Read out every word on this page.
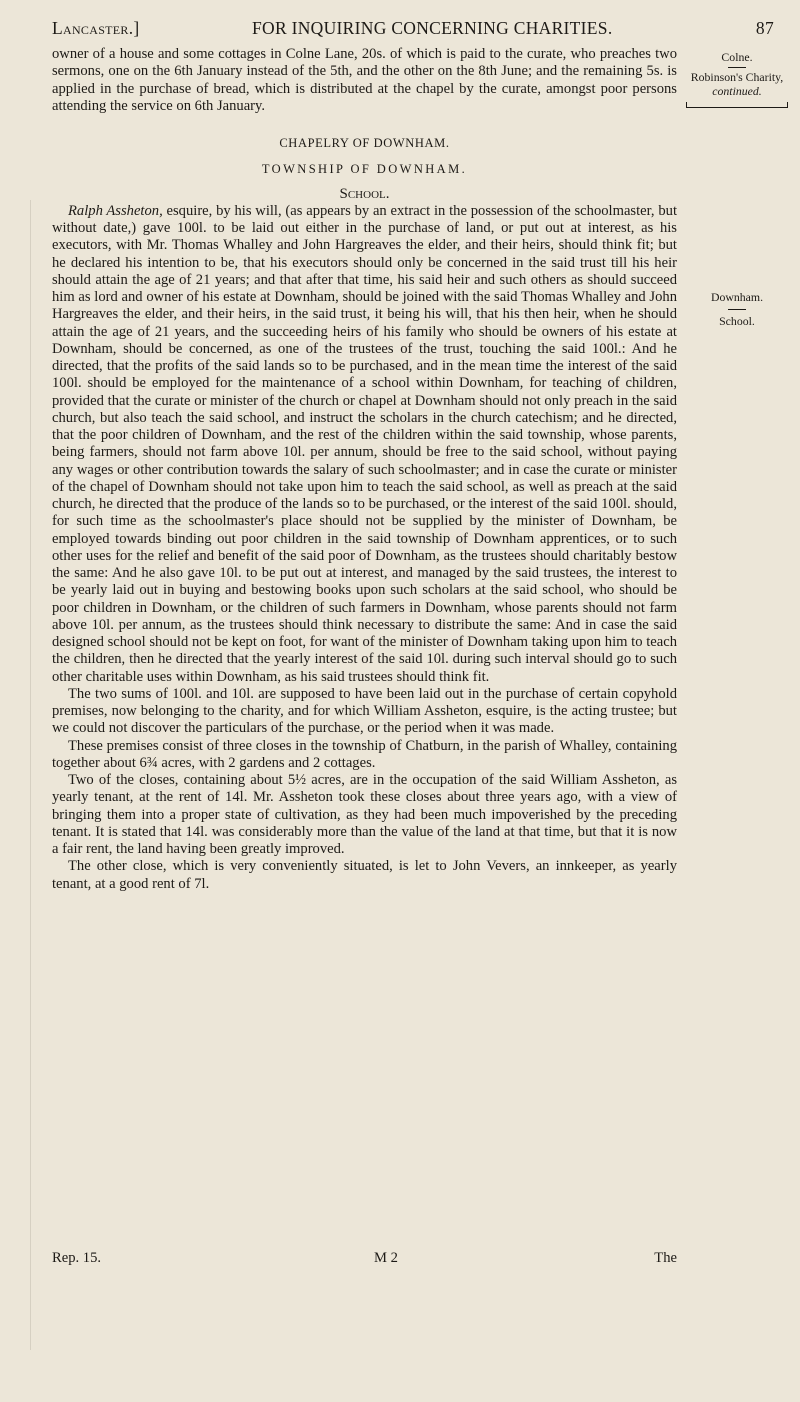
Lancaster.]	FOR INQUIRING CONCERNING CHARITIES.	87
Colne.
Robinson's Charity,
continued.
Downham.
School.

owner of a house and some cottages in Colne Lane, 20s. of which is paid to the curate, who preaches two sermons, one on the 6th January instead of the 5th, and the other on the 8th June; and the remaining 5s. is applied in the purchase of bread, which is distributed at the chapel by the curate, amongst poor persons attending the service on 6th January.

CHAPELRY OF DOWNHAM.

TOWNSHIP OF DOWNHAM.

School.

Ralph Assheton, esquire, by his will, (as appears by an extract in the possession of the schoolmaster, but without date,) gave 100l. to be laid out either in the purchase of land, or put out at interest, as his executors, with Mr. Thomas Whalley and John Hargreaves the elder, and their heirs, should think fit; but he declared his intention to be, that his executors should only be concerned in the said trust till his heir should attain the age of 21 years; and that after that time, his said heir and such others as should succeed him as lord and owner of his estate at Downham, should be joined with the said Thomas Whalley and John Hargreaves the elder, and their heirs, in the said trust, it being his will, that his then heir, when he should attain the age of 21 years, and the succeeding heirs of his family who should be owners of his estate at Downham, should be concerned, as one of the trustees of the trust, touching the said 100l.: And he directed, that the profits of the said lands so to be purchased, and in the mean time the interest of the said 100l. should be employed for the maintenance of a school within Downham, for teaching of children, provided that the curate or minister of the church or chapel at Downham should not only preach in the said church, but also teach the said school, and instruct the scholars in the church catechism; and he directed, that the poor children of Downham, and the rest of the children within the said township, whose parents, being farmers, should not farm above 10l. per annum, should be free to the said school, without paying any wages or other contribution towards the salary of such schoolmaster; and in case the curate or minister of the chapel of Downham should not take upon him to teach the said school, as well as preach at the said church, he directed that the produce of the lands so to be purchased, or the interest of the said 100l. should, for such time as the schoolmaster's place should not be supplied by the minister of Downham, be employed towards binding out poor children in the said township of Downham apprentices, or to such other uses for the relief and benefit of the said poor of Downham, as the trustees should charitably bestow the same: And he also gave 10l. to be put out at interest, and managed by the said trustees, the interest to be yearly laid out in buying and bestowing books upon such scholars at the said school, who should be poor children in Downham, or the children of such farmers in Downham, whose parents should not farm above 10l. per annum, as the trustees should think necessary to distribute the same: And in case the said designed school should not be kept on foot, for want of the minister of Downham taking upon him to teach the children, then he directed that the yearly interest of the said 10l. during such interval should go to such other charitable uses within Downham, as his said trustees should think fit.

The two sums of 100l. and 10l. are supposed to have been laid out in the purchase of certain copyhold premises, now belonging to the charity, and for which William Assheton, esquire, is the acting trustee; but we could not discover the particulars of the purchase, or the period when it was made.

These premises consist of three closes in the township of Chatburn, in the parish of Whalley, containing together about 6¾ acres, with 2 gardens and 2 cottages.

Two of the closes, containing about 5½ acres, are in the occupation of the said William Assheton, as yearly tenant, at the rent of 14l. Mr. Assheton took these closes about three years ago, with a view of bringing them into a proper state of cultivation, as they had been much impoverished by the preceding tenant. It is stated that 14l. was considerably more than the value of the land at that time, but that it is now a fair rent, the land having been greatly improved.

The other close, which is very conveniently situated, is let to John Vevers, an innkeeper, as yearly tenant, at a good rent of 7l.

Rep. 15.	M 2	The
